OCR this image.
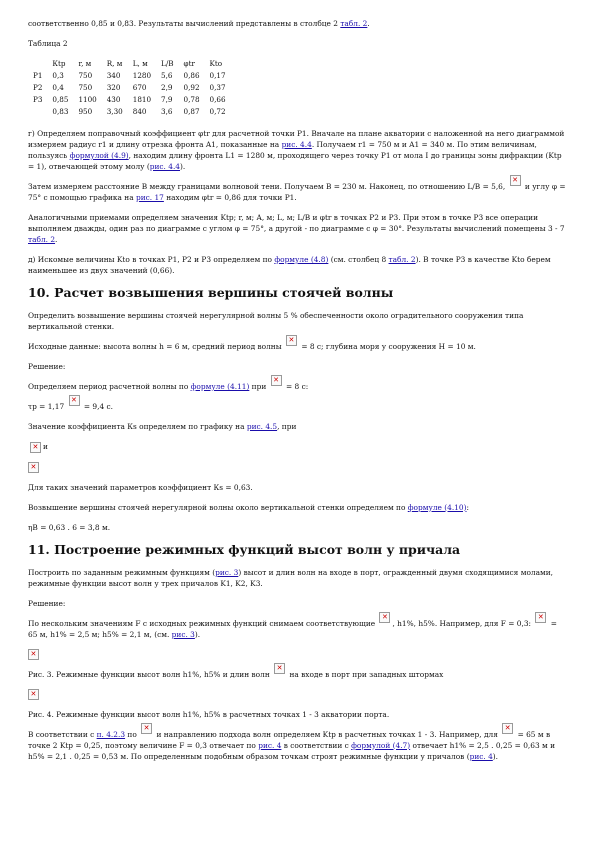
соответственно 0,85 и 0,83. Результаты вычислений представлены в столбце 2 табл. 2.

Таблица 2

	Кtp	r, м	R, м	L, м	L/B	φtr	Kto
P1	0,3	750	340	1280	5,6	0,86	0,17
P2	0,4	750	320	670	2,9	0,92	0,37
P3	0,85	1100	430	1810	7,9	0,78	0,66
	0,83	950	3,30	840	3,6	0,87	0,72

г) Определяем поправочный коэффициент φtr для расчетной точки P1. Вначале на плане акватории с наложенной на него диаграммой измеряем радиус r1 и длину отрезка фронта A1, показанные на рис. 4.4. Получаем r1 = 750 м и A1 = 340 м. По этим величинам, пользуясь формулой (4.9), находим длину фронта L1 = 1280 м, проходящего через точку P1 от мола I до границы зоны дифракции (Ktp = 1), отвечающей этому молу (рис. 4.4).

Затем измеряем расстояние B между границами волновой тени. Получаем B = 230 м. Наконец, по отношению L/B = 5,6, ✕ и углу φ = 75° с помощью графика на рис. 17 находим φtr = 0,86 для точки P1.

Аналогичными приемами определяем значения Ktp; r, м; A, м; L, м; L/B и φtr в точках P2 и P3. При этом в точке P3 все операции выполняем дважды, один раз по диаграмме с углом φ = 75°, а другой - по диаграмме с φ = 30°. Результаты вычислений помещены 3 - 7 табл. 2.

д) Искомые величины Kto в точках P1, P2 и P3 определяем по формуле (4.8) (см. столбец 8 табл. 2). В точке P3 в качестве Kto берем наименьшее из двух значений (0,66).

10. Расчет возвышения вершины стоячей волны

Определить возвышение вершины стоячей нерегулярной волны 5 % обеспеченности около оградительного сооружения типа вертикальной стенки.

Исходные данные: высота волны h = 6 м, средний период волны ✕ = 8 с; глубина моря у сооружения H = 10 м.

Решение:

Определяем период расчетной волны по формуле (4.11) при ✕ = 8 с:

τp = 1,17 ✕ = 9,4 с.

Значение коэффициента Кs определяем по графику на рис. 4.5, при

✕и

✕

Для таких значений параметров коэффициент Кs = 0,63.

Возвышение вершины стоячей нерегулярной волны около вертикальной стенки определяем по формуле (4.10):

ηB = 0,63 . 6 = 3,8 м.

11. Построение режимных функций высот волн у причала

Построить по заданным режимным функциям (рис. 3) высот и длин волн на входе в порт, огражденный двумя сходящимися молами, режимные функции высот волн у трех причалов K1, K2, K3.

Решение:

По нескольким значениям F с исходных режимных функций снимаем соответствующие ✕, h1%, h5%. Например, для F = 0,3: ✕ = 65 м, h1% = 2,5 м; h5% = 2,1 м, (см. рис. 3).

✕

Рис. 3. Режимные функции высот волн h1%, h5% и длин волн ✕ на входе в порт при западных штормах

✕

Рис. 4. Режимные функции высот волн h1%, h5% в расчетных точках 1 - 3 акватории порта.

В соответствии с п. 4.2.3 по ✕ и направлению подхода волн определяем Ktp в расчетных точках 1 - 3. Например, для ✕ = 65 м в точке 2 Ktp = 0,25, поэтому величине F = 0,3 отвечает по рис. 4 в соответствии с формулой (4.7) отвечает h1% = 2,5 . 0,25 = 0,63 м и h5% = 2,1 . 0,25 = 0,53 м. По определенным подобным образом точкам строят режимные функции у причалов (рис. 4).
